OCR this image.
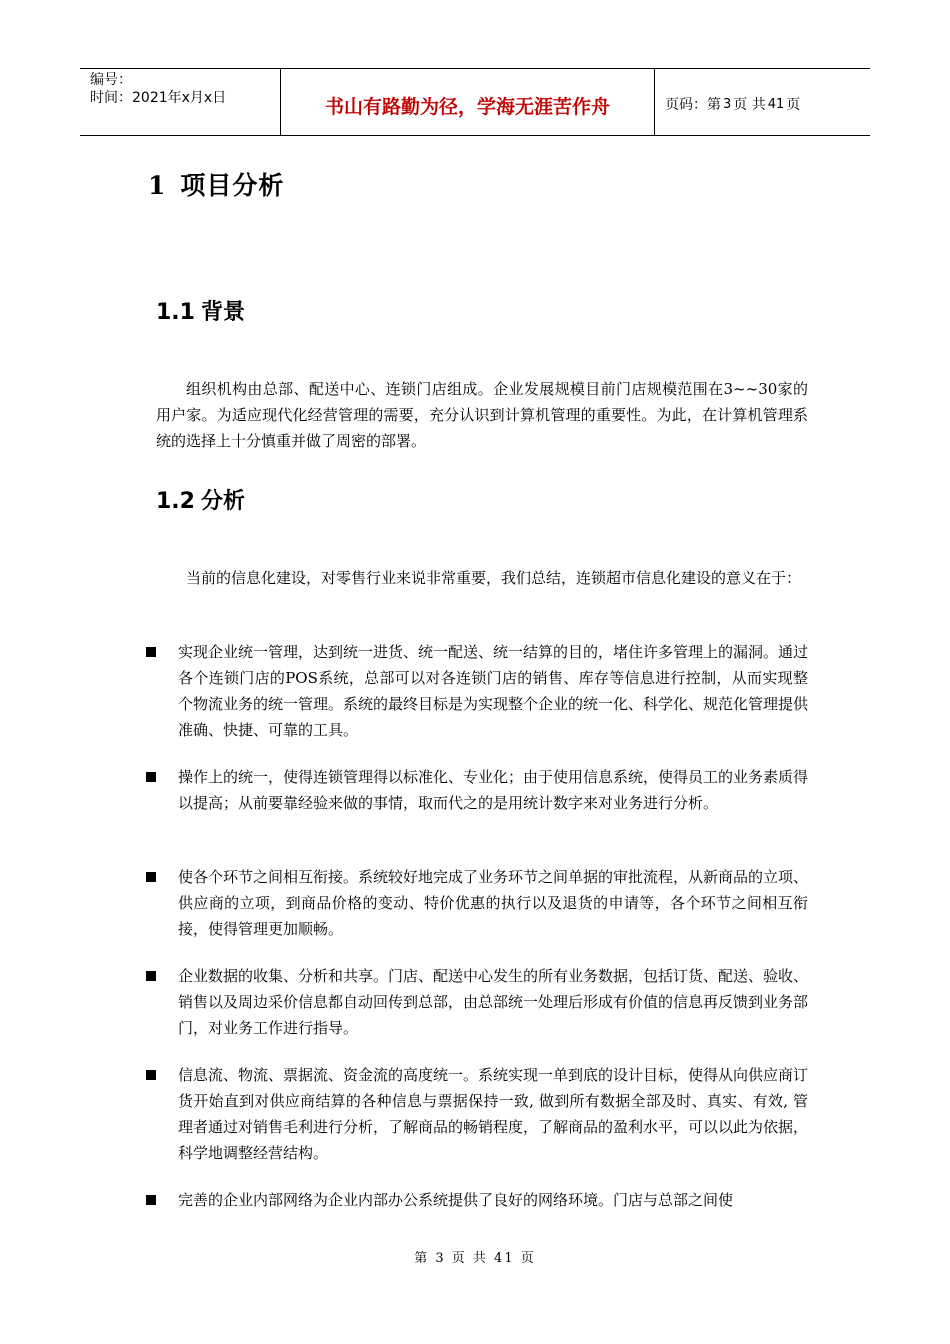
编号：
时间：2021年x月x日	书山有路勤为径，学海无涯苦作舟	页码：第 3 页 共 41 页
1 项目分析
1.1 背景
组织机构由总部、配送中心、连锁门店组成。企业发展规模目前门店规模范围在3~~30家的用户家。为适应现代化经营管理的需要，充分认识到计算机管理的重要性。为此，在计算机管理系统的选择上十分慎重并做了周密的部署。
1.2 分析
当前的信息化建设，对零售行业来说非常重要，我们总结，连锁超市信息化建设的意义在于：
实现企业统一管理，达到统一进货、统一配送、统一结算的目的，堵住许多管理上的漏洞。通过各个连锁门店的POS系统，总部可以对各连锁门店的销售、库存等信息进行控制，从而实现整个物流业务的统一管理。系统的最终目标是为实现整个企业的统一化、科学化、规范化管理提供准确、快捷、可靠的工具。
操作上的统一，使得连锁管理得以标准化、专业化；由于使用信息系统，使得员工的业务素质得以提高；从前要靠经验来做的事情，取而代之的是用统计数字来对业务进行分析。
使各个环节之间相互衔接。系统较好地完成了业务环节之间单据的审批流程，从新商品的立项、供应商的立项，到商品价格的变动、特价优惠的执行以及退货的申请等，各个环节之间相互衔接，使得管理更加顺畅。
企业数据的收集、分析和共享。门店、配送中心发生的所有业务数据，包括订货、配送、验收、销售以及周边采价信息都自动回传到总部，由总部统一处理后形成有价值的信息再反馈到业务部门，对业务工作进行指导。
信息流、物流、票据流、资金流的高度统一。系统实现一单到底的设计目标，使得从向供应商订货开始直到对供应商结算的各种信息与票据保持一致, 做到所有数据全部及时、真实、有效, 管理者通过对销售毛利进行分析，了解商品的畅销程度，了解商品的盈利水平，可以以此为依据，科学地调整经营结构。
完善的企业内部网络为企业内部办公系统提供了良好的网络环境。门店与总部之间使
第 3 页 共 41 页
